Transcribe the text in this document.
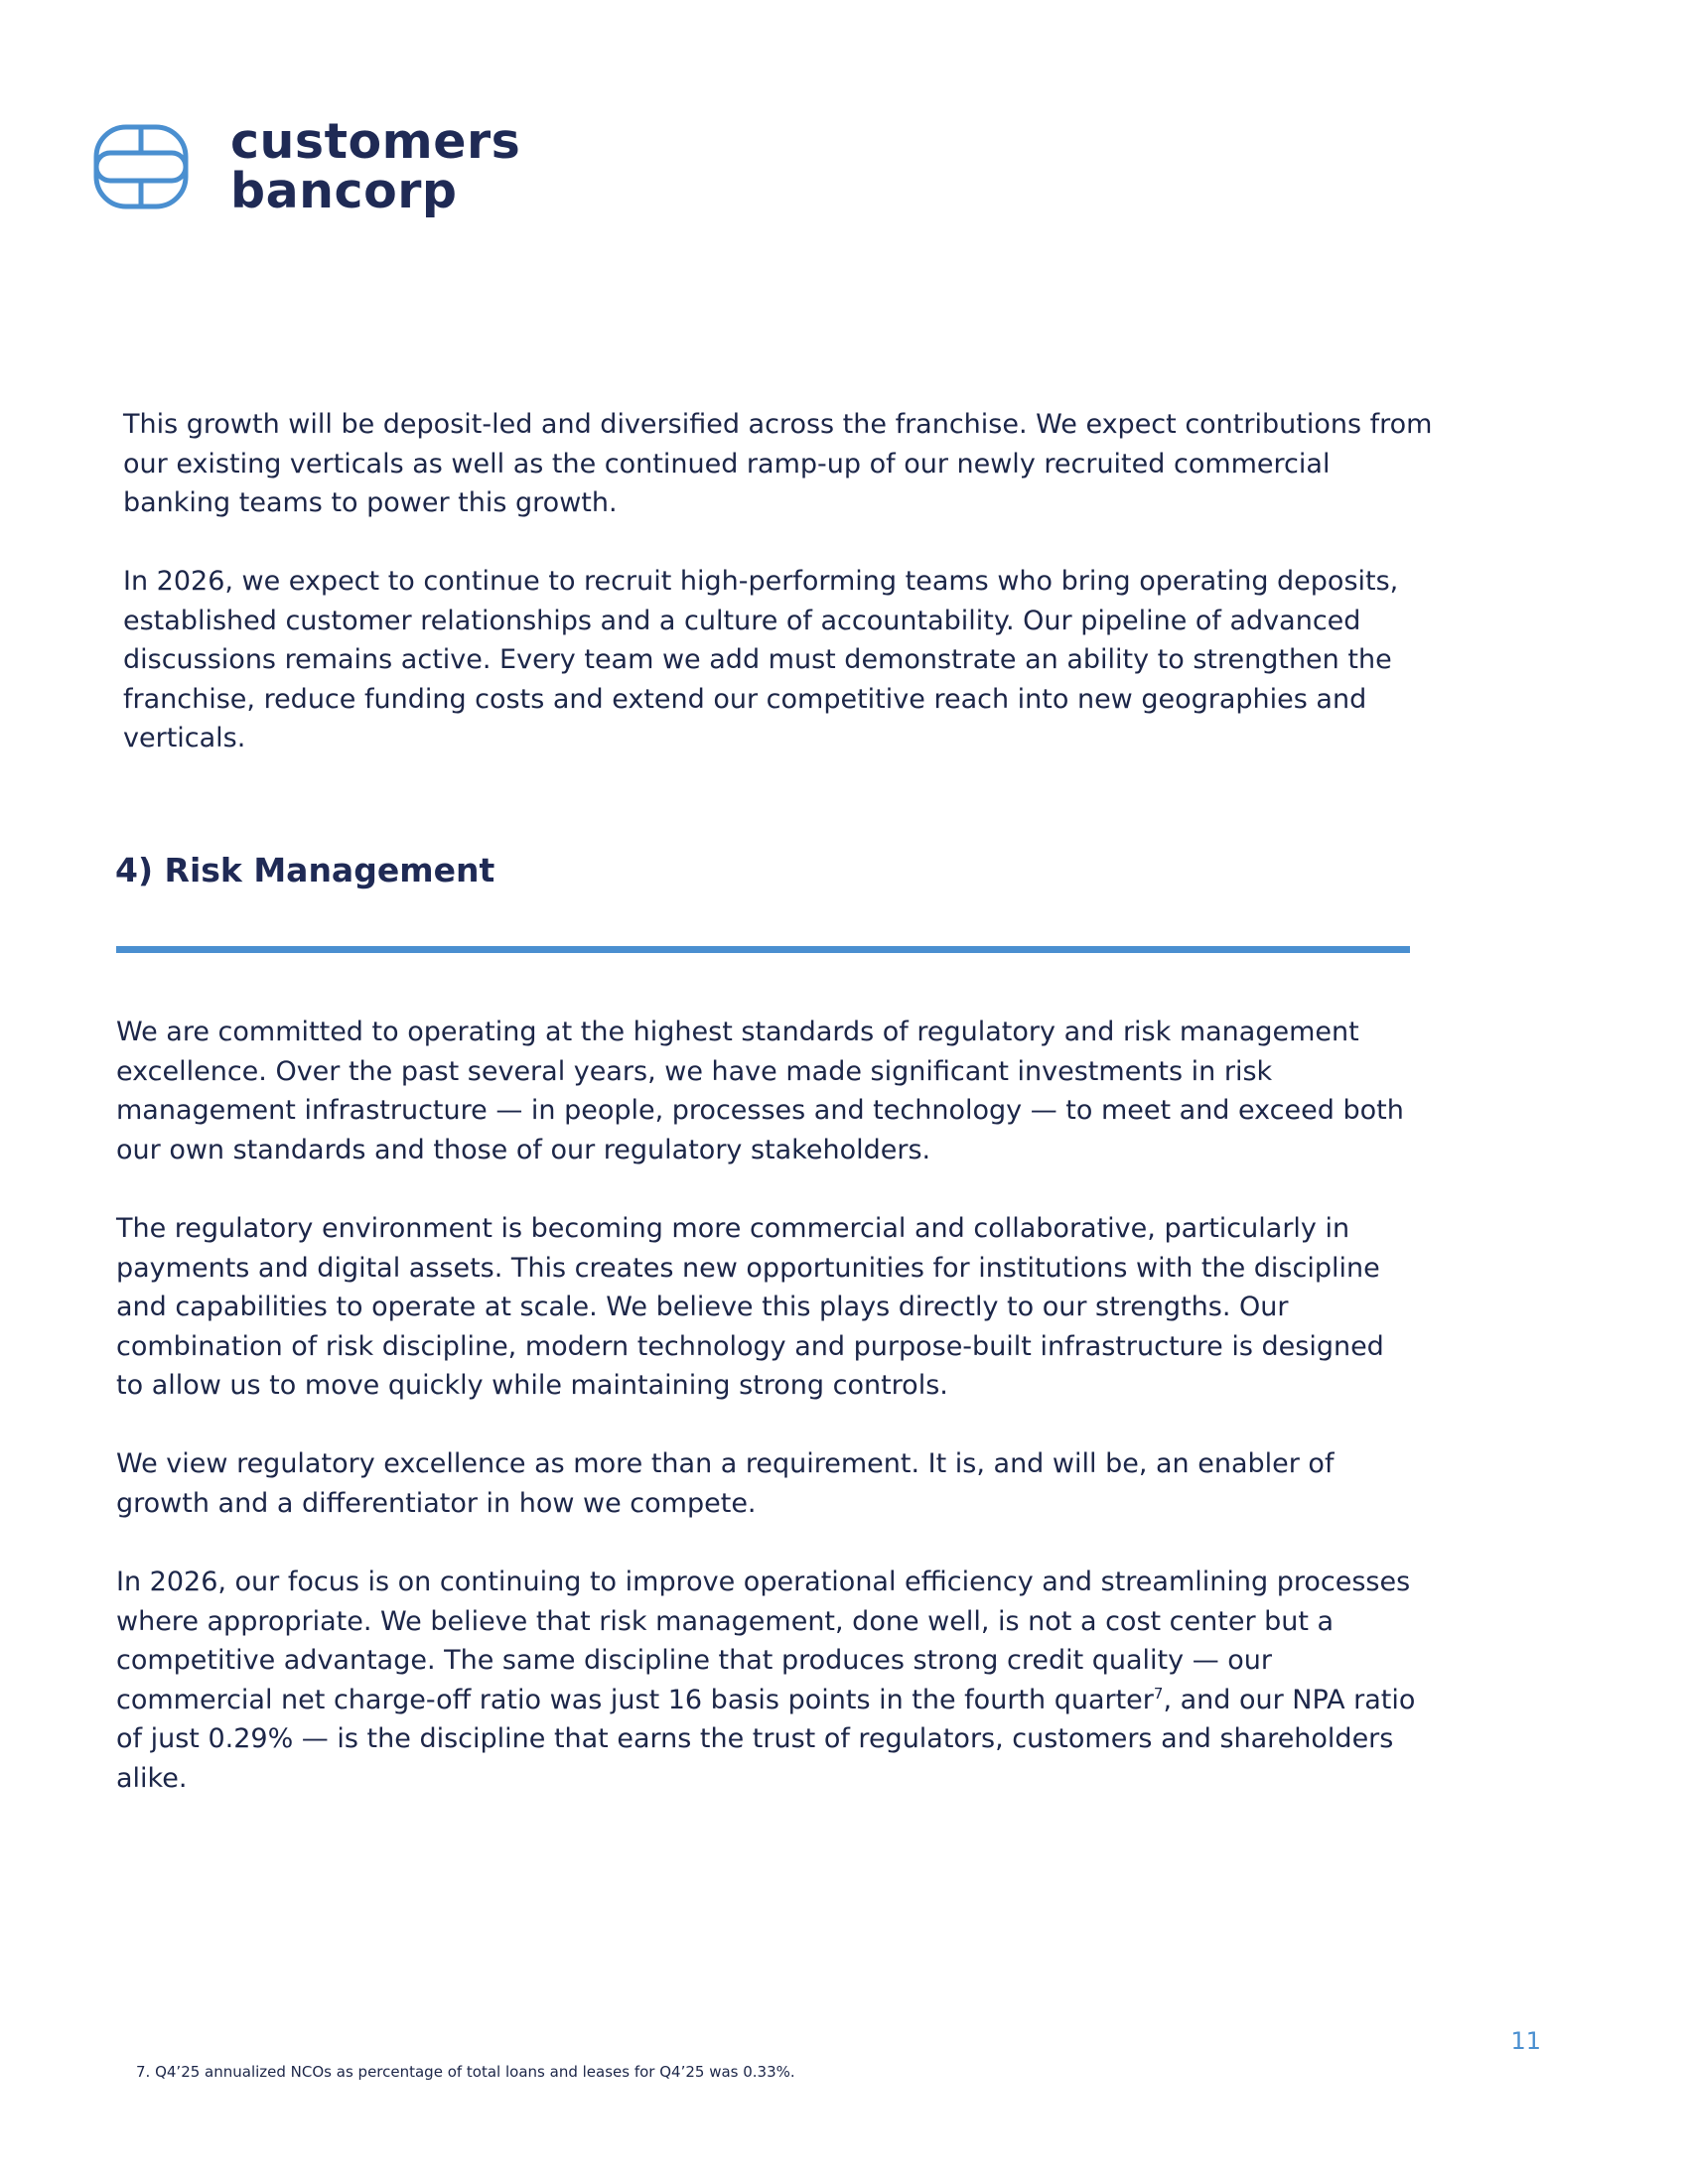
customers
bancorp

This growth will be deposit-led and diversified across the franchise. We expect contributions from
our existing verticals as well as the continued ramp-up of our newly recruited commercial
banking teams to power this growth.

In 2026, we expect to continue to recruit high-performing teams who bring operating deposits,
established customer relationships and a culture of accountability. Our pipeline of advanced
discussions remains active. Every team we add must demonstrate an ability to strengthen the
franchise, reduce funding costs and extend our competitive reach into new geographies and
verticals.

4) Risk Management

We are committed to operating at the highest standards of regulatory and risk management
excellence. Over the past several years, we have made significant investments in risk
management infrastructure — in people, processes and technology — to meet and exceed both
our own standards and those of our regulatory stakeholders.

The regulatory environment is becoming more commercial and collaborative, particularly in
payments and digital assets. This creates new opportunities for institutions with the discipline
and capabilities to operate at scale. We believe this plays directly to our strengths. Our
combination of risk discipline, modern technology and purpose-built infrastructure is designed
to allow us to move quickly while maintaining strong controls.

We view regulatory excellence as more than a requirement. It is, and will be, an enabler of
growth and a differentiator in how we compete.

In 2026, our focus is on continuing to improve operational efficiency and streamlining processes
where appropriate. We believe that risk management, done well, is not a cost center but a
competitive advantage. The same discipline that produces strong credit quality — our
commercial net charge-off ratio was just 16 basis points in the fourth quarter$^7$, and our NPA ratio
of just 0.29% — is the discipline that earns the trust of regulators, customers and shareholders
alike.

11

7. Q4’25 annualized NCOs as percentage of total loans and leases for Q4’25 was 0.33%.
